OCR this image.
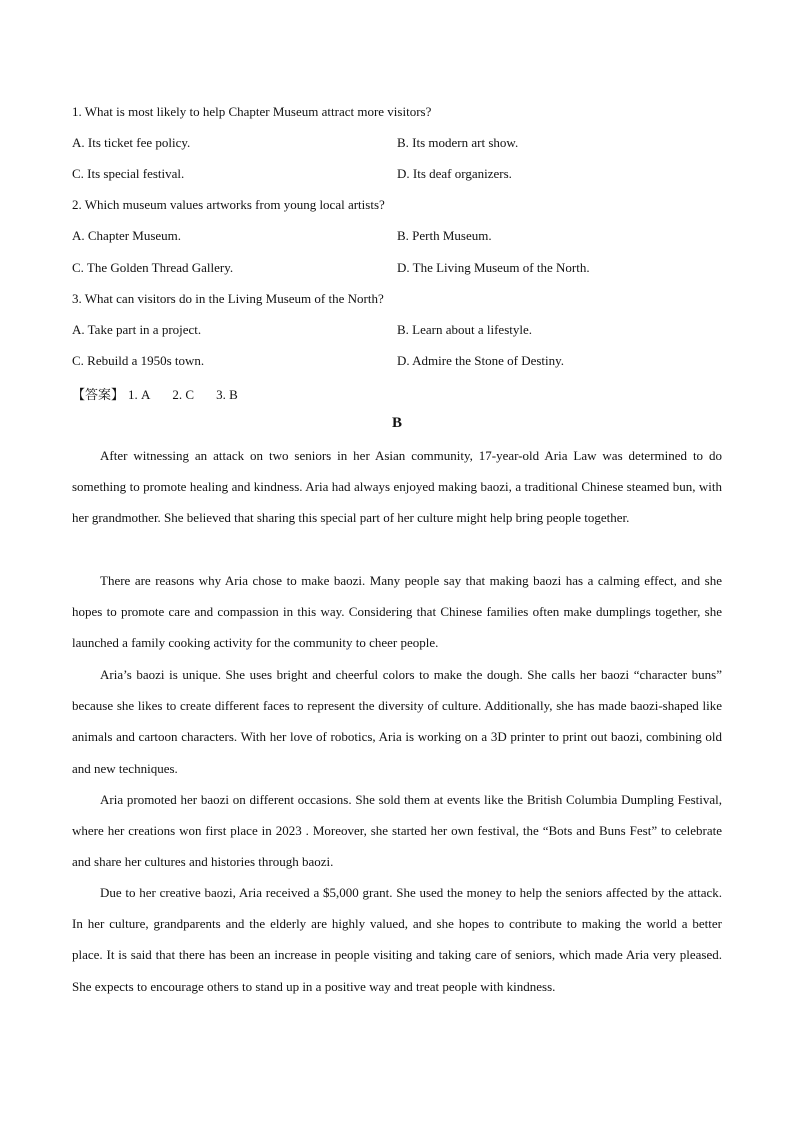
1. What is most likely to help Chapter Museum attract more visitors?
A. Its ticket fee policy.	B. Its modern art show.
C. Its special festival.	D. Its deaf organizers.
2. Which museum values artworks from young local artists?
A. Chapter Museum.	B. Perth Museum.
C. The Golden Thread Gallery.	D. The Living Museum of the North.
3. What can visitors do in the Living Museum of the North?
A. Take part in a project.	B. Learn about a lifestyle.
C. Rebuild a 1950s town.	D. Admire the Stone of Destiny.
【答案】 1. A 2. C 3. B
B

After witnessing an attack on two seniors in her Asian community, 17-year-old Aria Law was determined to do something to promote healing and kindness. Aria had always enjoyed making baozi, a traditional Chinese steamed bun, with her grandmother. She believed that sharing this special part of her culture might help bring people together.

There are reasons why Aria chose to make baozi. Many people say that making baozi has a calming effect, and she hopes to promote care and compassion in this way. Considering that Chinese families often make dumplings together, she launched a family cooking activity for the community to cheer people.

Aria’s baozi is unique. She uses bright and cheerful colors to make the dough. She calls her baozi “character buns” because she likes to create different faces to represent the diversity of culture. Additionally, she has made baozi-shaped like animals and cartoon characters. With her love of robotics, Aria is working on a 3D printer to print out baozi, combining old and new techniques.

Aria promoted her baozi on different occasions. She sold them at events like the British Columbia Dumpling Festival, where her creations won first place in 2023 . Moreover, she started her own festival, the “Bots and Buns Fest” to celebrate and share her cultures and histories through baozi.

Due to her creative baozi, Aria received a $5,000 grant. She used the money to help the seniors affected by the attack. In her culture, grandparents and the elderly are highly valued, and she hopes to contribute to making the world a better place. It is said that there has been an increase in people visiting and taking care of seniors, which made Aria very pleased. She expects to encourage others to stand up in a positive way and treat people with kindness.
